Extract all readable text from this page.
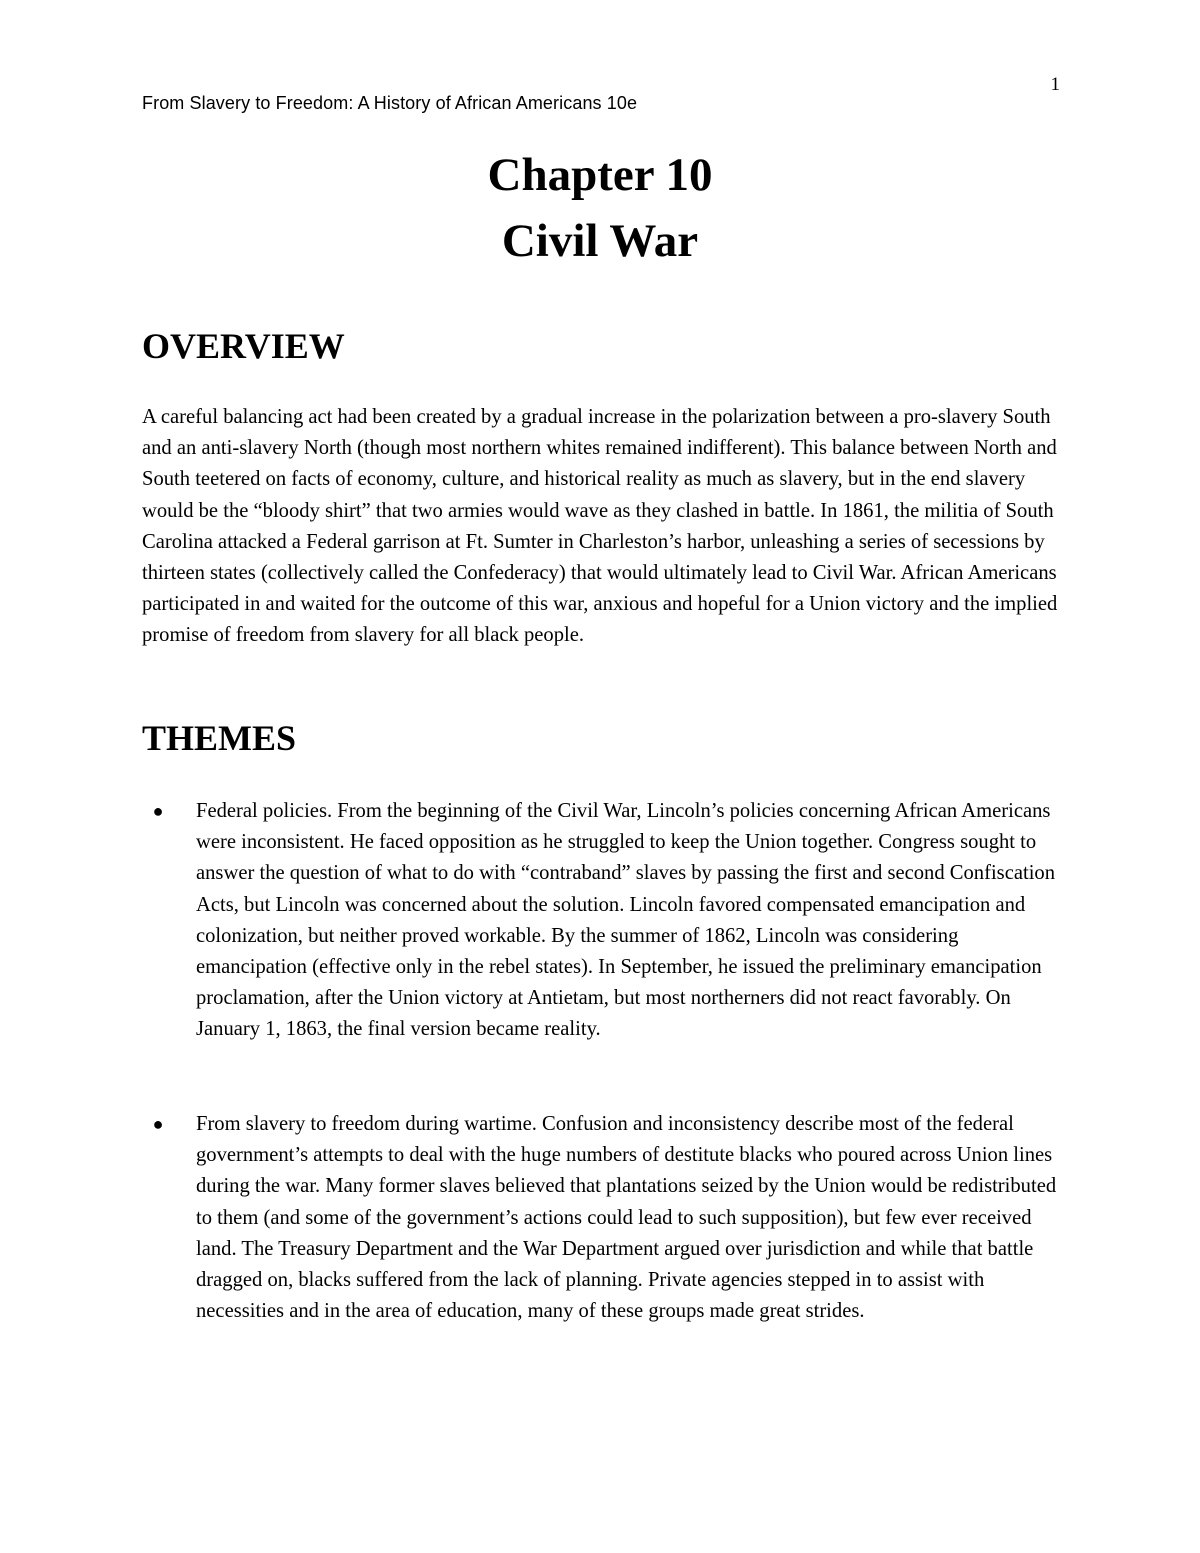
1
From Slavery to Freedom: A History of African Americans 10e
Chapter 10
Civil War
OVERVIEW

A careful balancing act had been created by a gradual increase in the polarization between a pro-slavery South and an anti-slavery North (though most northern whites remained indifferent). This balance between North and South teetered on facts of economy, culture, and historical reality as much as slavery, but in the end slavery would be the “bloody shirt” that two armies would wave as they clashed in battle. In 1861, the militia of South Carolina attacked a Federal garrison at Ft. Sumter in Charleston’s harbor, unleashing a series of secessions by thirteen states (collectively called the Confederacy) that would ultimately lead to Civil War. African Americans participated in and waited for the outcome of this war, anxious and hopeful for a Union victory and the implied promise of freedom from slavery for all black people.

THEMES
● Federal policies. From the beginning of the Civil War, Lincoln’s policies concerning African Americans were inconsistent. He faced opposition as he struggled to keep the Union together. Congress sought to answer the question of what to do with “contraband” slaves by passing the first and second Confiscation Acts, but Lincoln was concerned about the solution. Lincoln favored compensated emancipation and colonization, but neither proved workable. By the summer of 1862, Lincoln was considering emancipation (effective only in the rebel states). In September, he issued the preliminary emancipation proclamation, after the Union victory at Antietam, but most northerners did not react favorably. On January 1, 1863, the final version became reality.
● From slavery to freedom during wartime. Confusion and inconsistency describe most of the federal government’s attempts to deal with the huge numbers of destitute blacks who poured across Union lines during the war. Many former slaves believed that plantations seized by the Union would be redistributed to them (and some of the government’s actions could lead to such supposition), but few ever received land. The Treasury Department and the War Department argued over jurisdiction and while that battle dragged on, blacks suffered from the lack of planning. Private agencies stepped in to assist with necessities and in the area of education, many of these groups made great strides.
